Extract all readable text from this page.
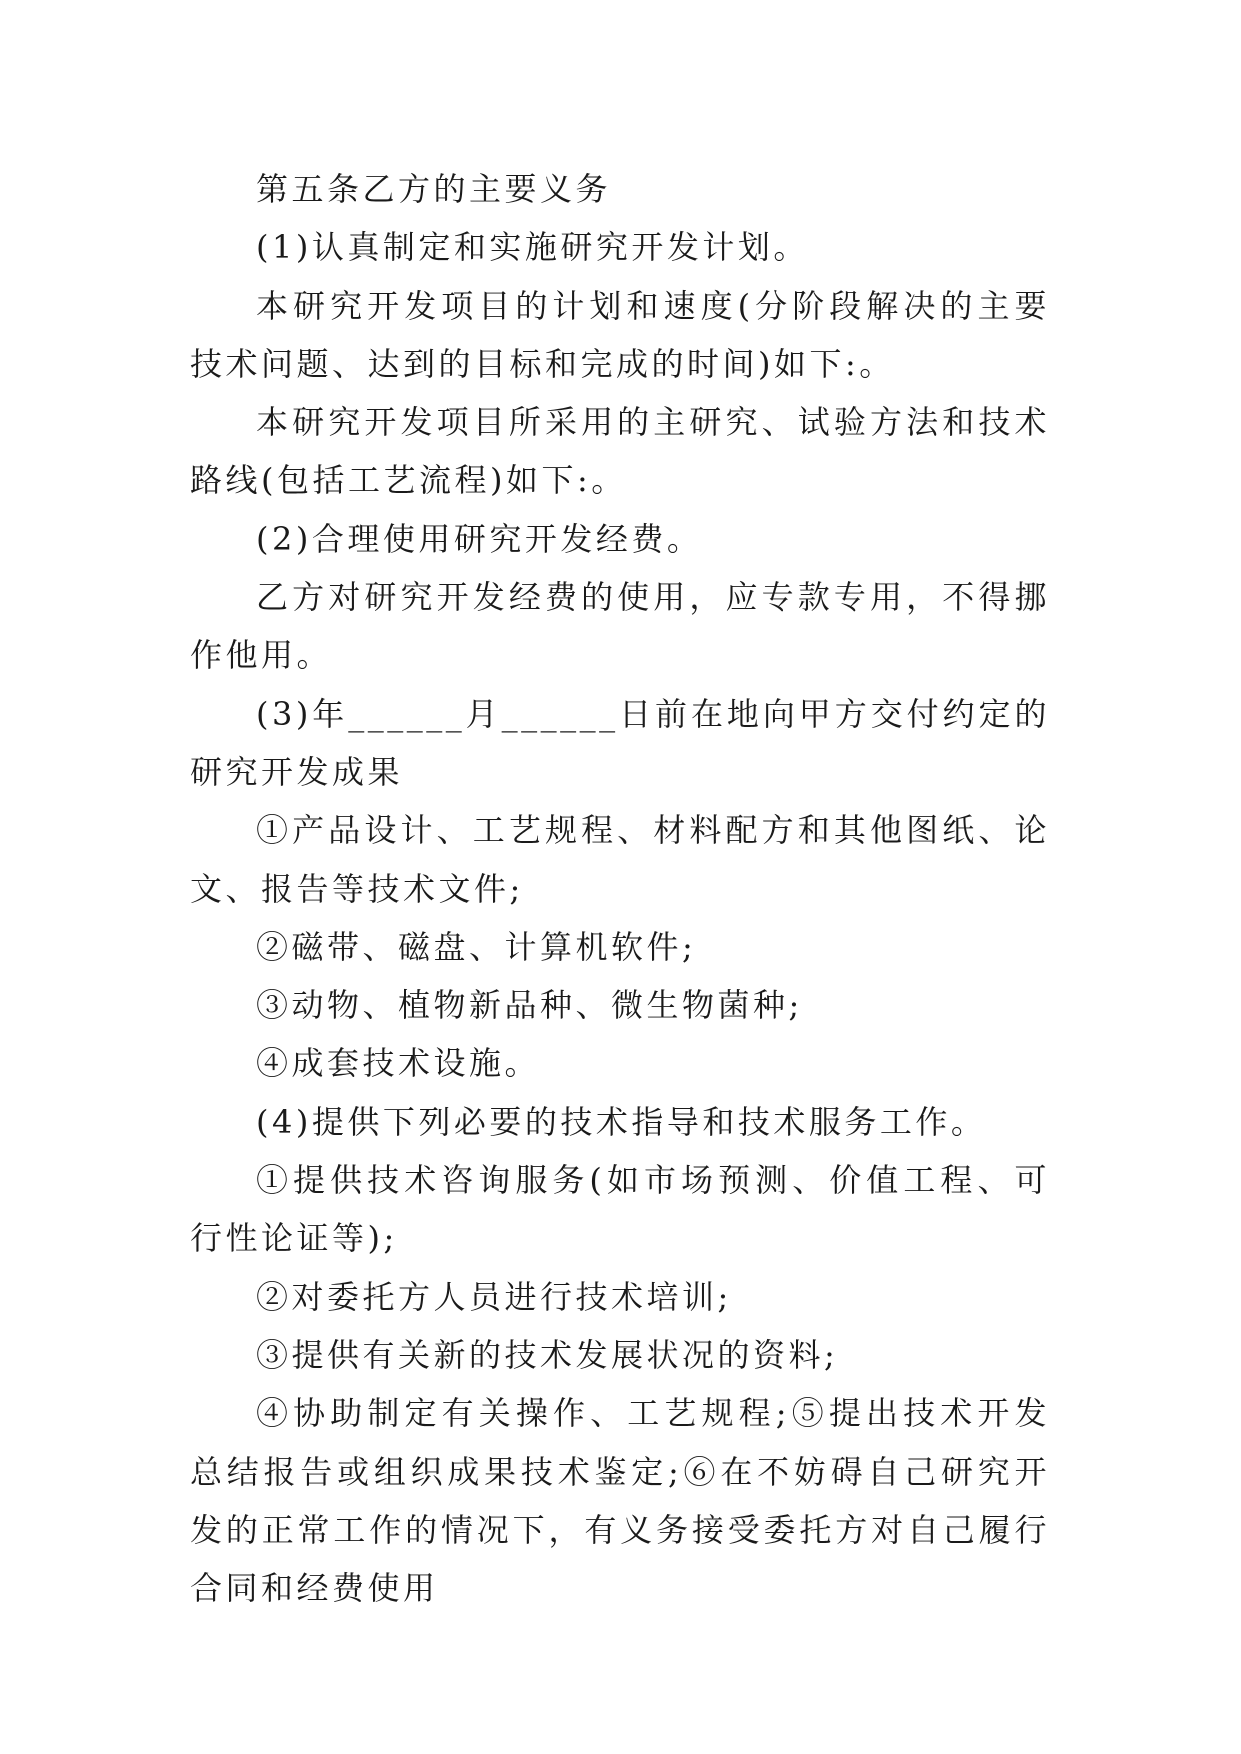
第五条乙方的主要义务

(1)认真制定和实施研究开发计划。

本研究开发项目的计划和速度(分阶段解决的主要技术问题、达到的目标和完成的时间)如下:。

本研究开发项目所采用的主研究、试验方法和技术路线(包括工艺流程)如下:。

(2)合理使用研究开发经费。

乙方对研究开发经费的使用，应专款专用，不得挪作他用。

(3)年______月______日前在地向甲方交付约定的研究开发成果

①产品设计、工艺规程、材料配方和其他图纸、论文、报告等技术文件;

②磁带、磁盘、计算机软件;

③动物、植物新品种、微生物菌种;

④成套技术设施。

(4)提供下列必要的技术指导和技术服务工作。

①提供技术咨询服务(如市场预测、价值工程、可行性论证等);

②对委托方人员进行技术培训;

③提供有关新的技术发展状况的资料;

④协助制定有关操作、工艺规程;⑤提出技术开发总结报告或组织成果技术鉴定;⑥在不妨碍自己研究开发的正常工作的情况下，有义务接受委托方对自己履行合同和经费使用
